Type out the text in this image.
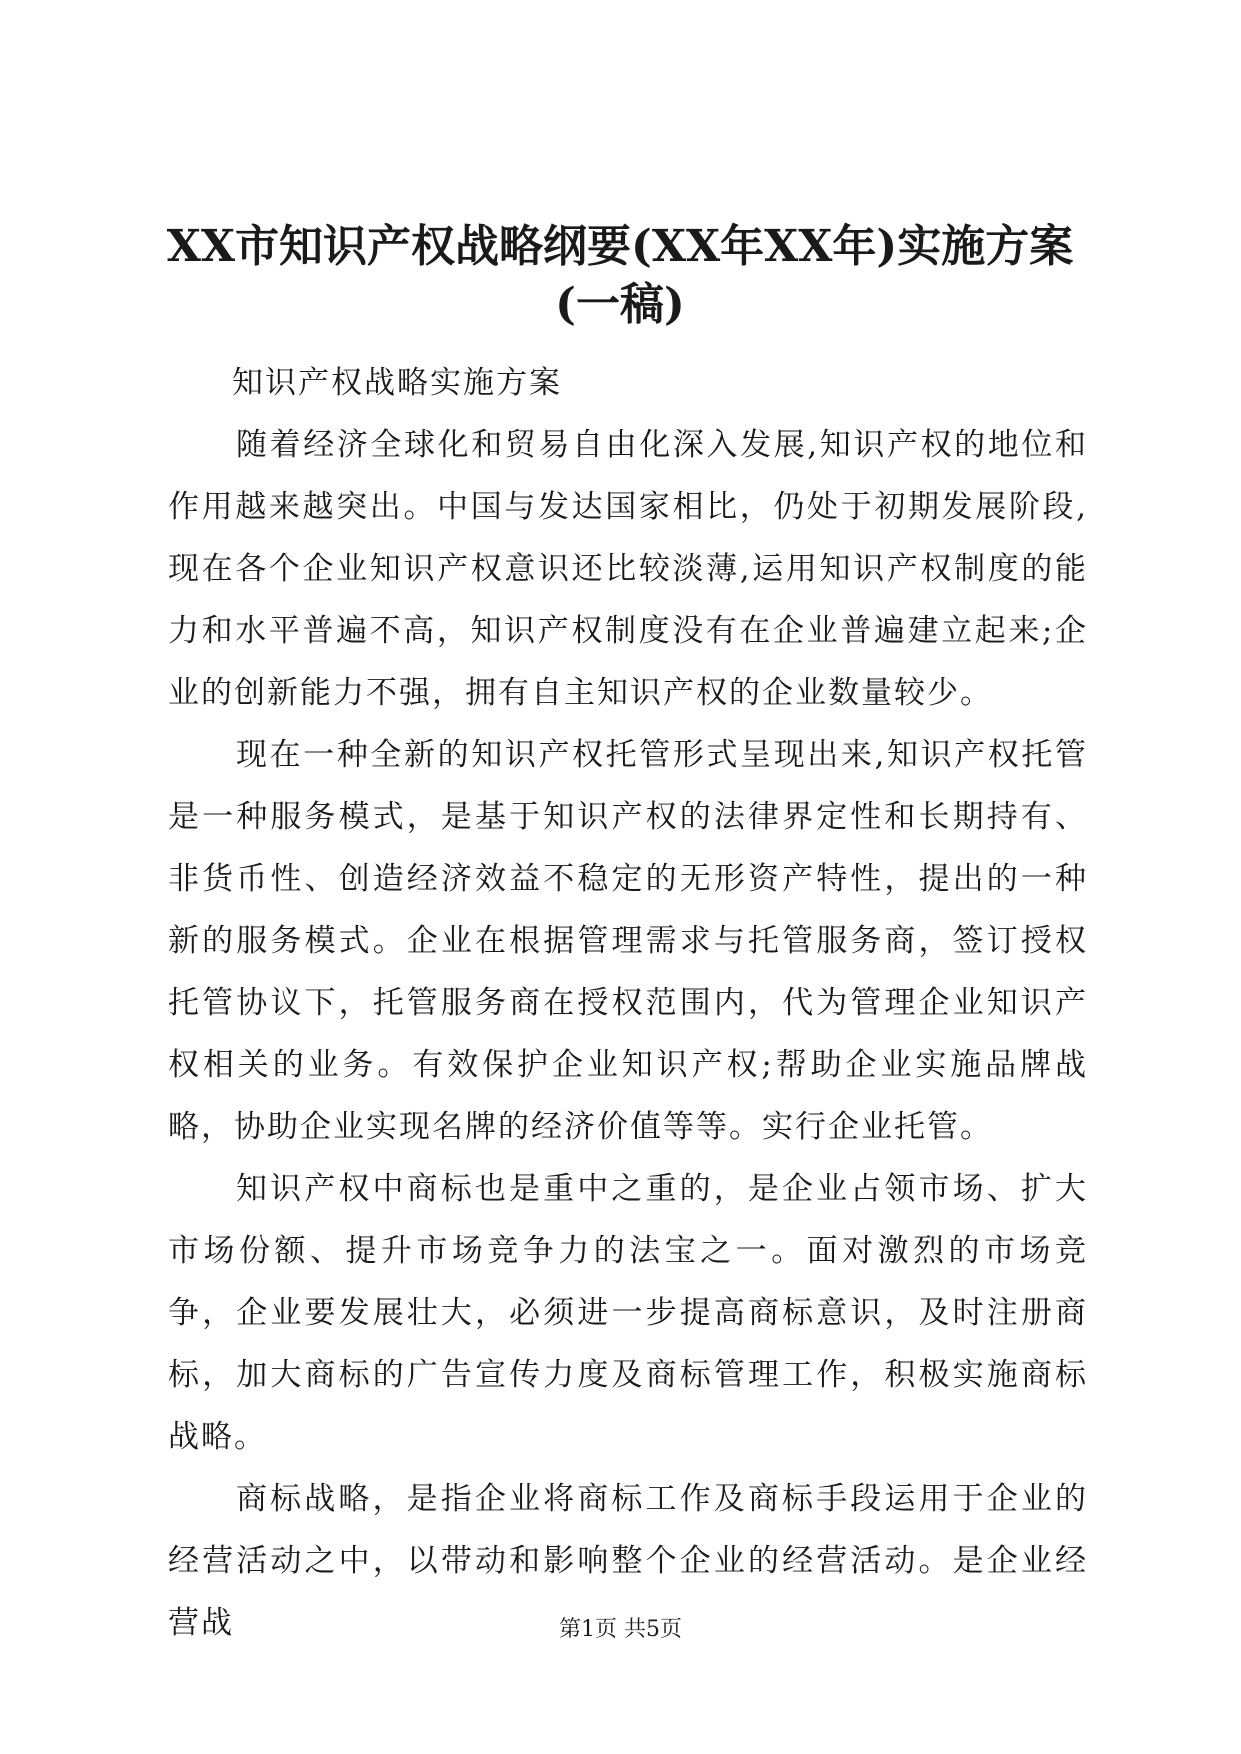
XX市知识产权战略纲要(XX年XX年)实施方案
(一稿)

知识产权战略实施方案

随着经济全球化和贸易自由化深入发展,知识产权的地位和作用越来越突出。中国与发达国家相比，仍处于初期发展阶段,现在各个企业知识产权意识还比较淡薄,运用知识产权制度的能力和水平普遍不高，知识产权制度没有在企业普遍建立起来;企业的创新能力不强，拥有自主知识产权的企业数量较少。

现在一种全新的知识产权托管形式呈现出来,知识产权托管是一种服务模式，是基于知识产权的法律界定性和长期持有、非货币性、创造经济效益不稳定的无形资产特性，提出的一种新的服务模式。企业在根据管理需求与托管服务商，签订授权托管协议下，托管服务商在授权范围内，代为管理企业知识产权相关的业务。有效保护企业知识产权;帮助企业实施品牌战略，协助企业实现名牌的经济价值等等。实行企业托管。

知识产权中商标也是重中之重的，是企业占领市场、扩大市场份额、提升市场竞争力的法宝之一。面对激烈的市场竞争，企业要发展壮大，必须进一步提高商标意识，及时注册商标，加大商标的广告宣传力度及商标管理工作，积极实施商标战略。

商标战略，是指企业将商标工作及商标手段运用于企业的经营活动之中，以带动和影响整个企业的经营活动。是企业经营战	第1页 共5页
